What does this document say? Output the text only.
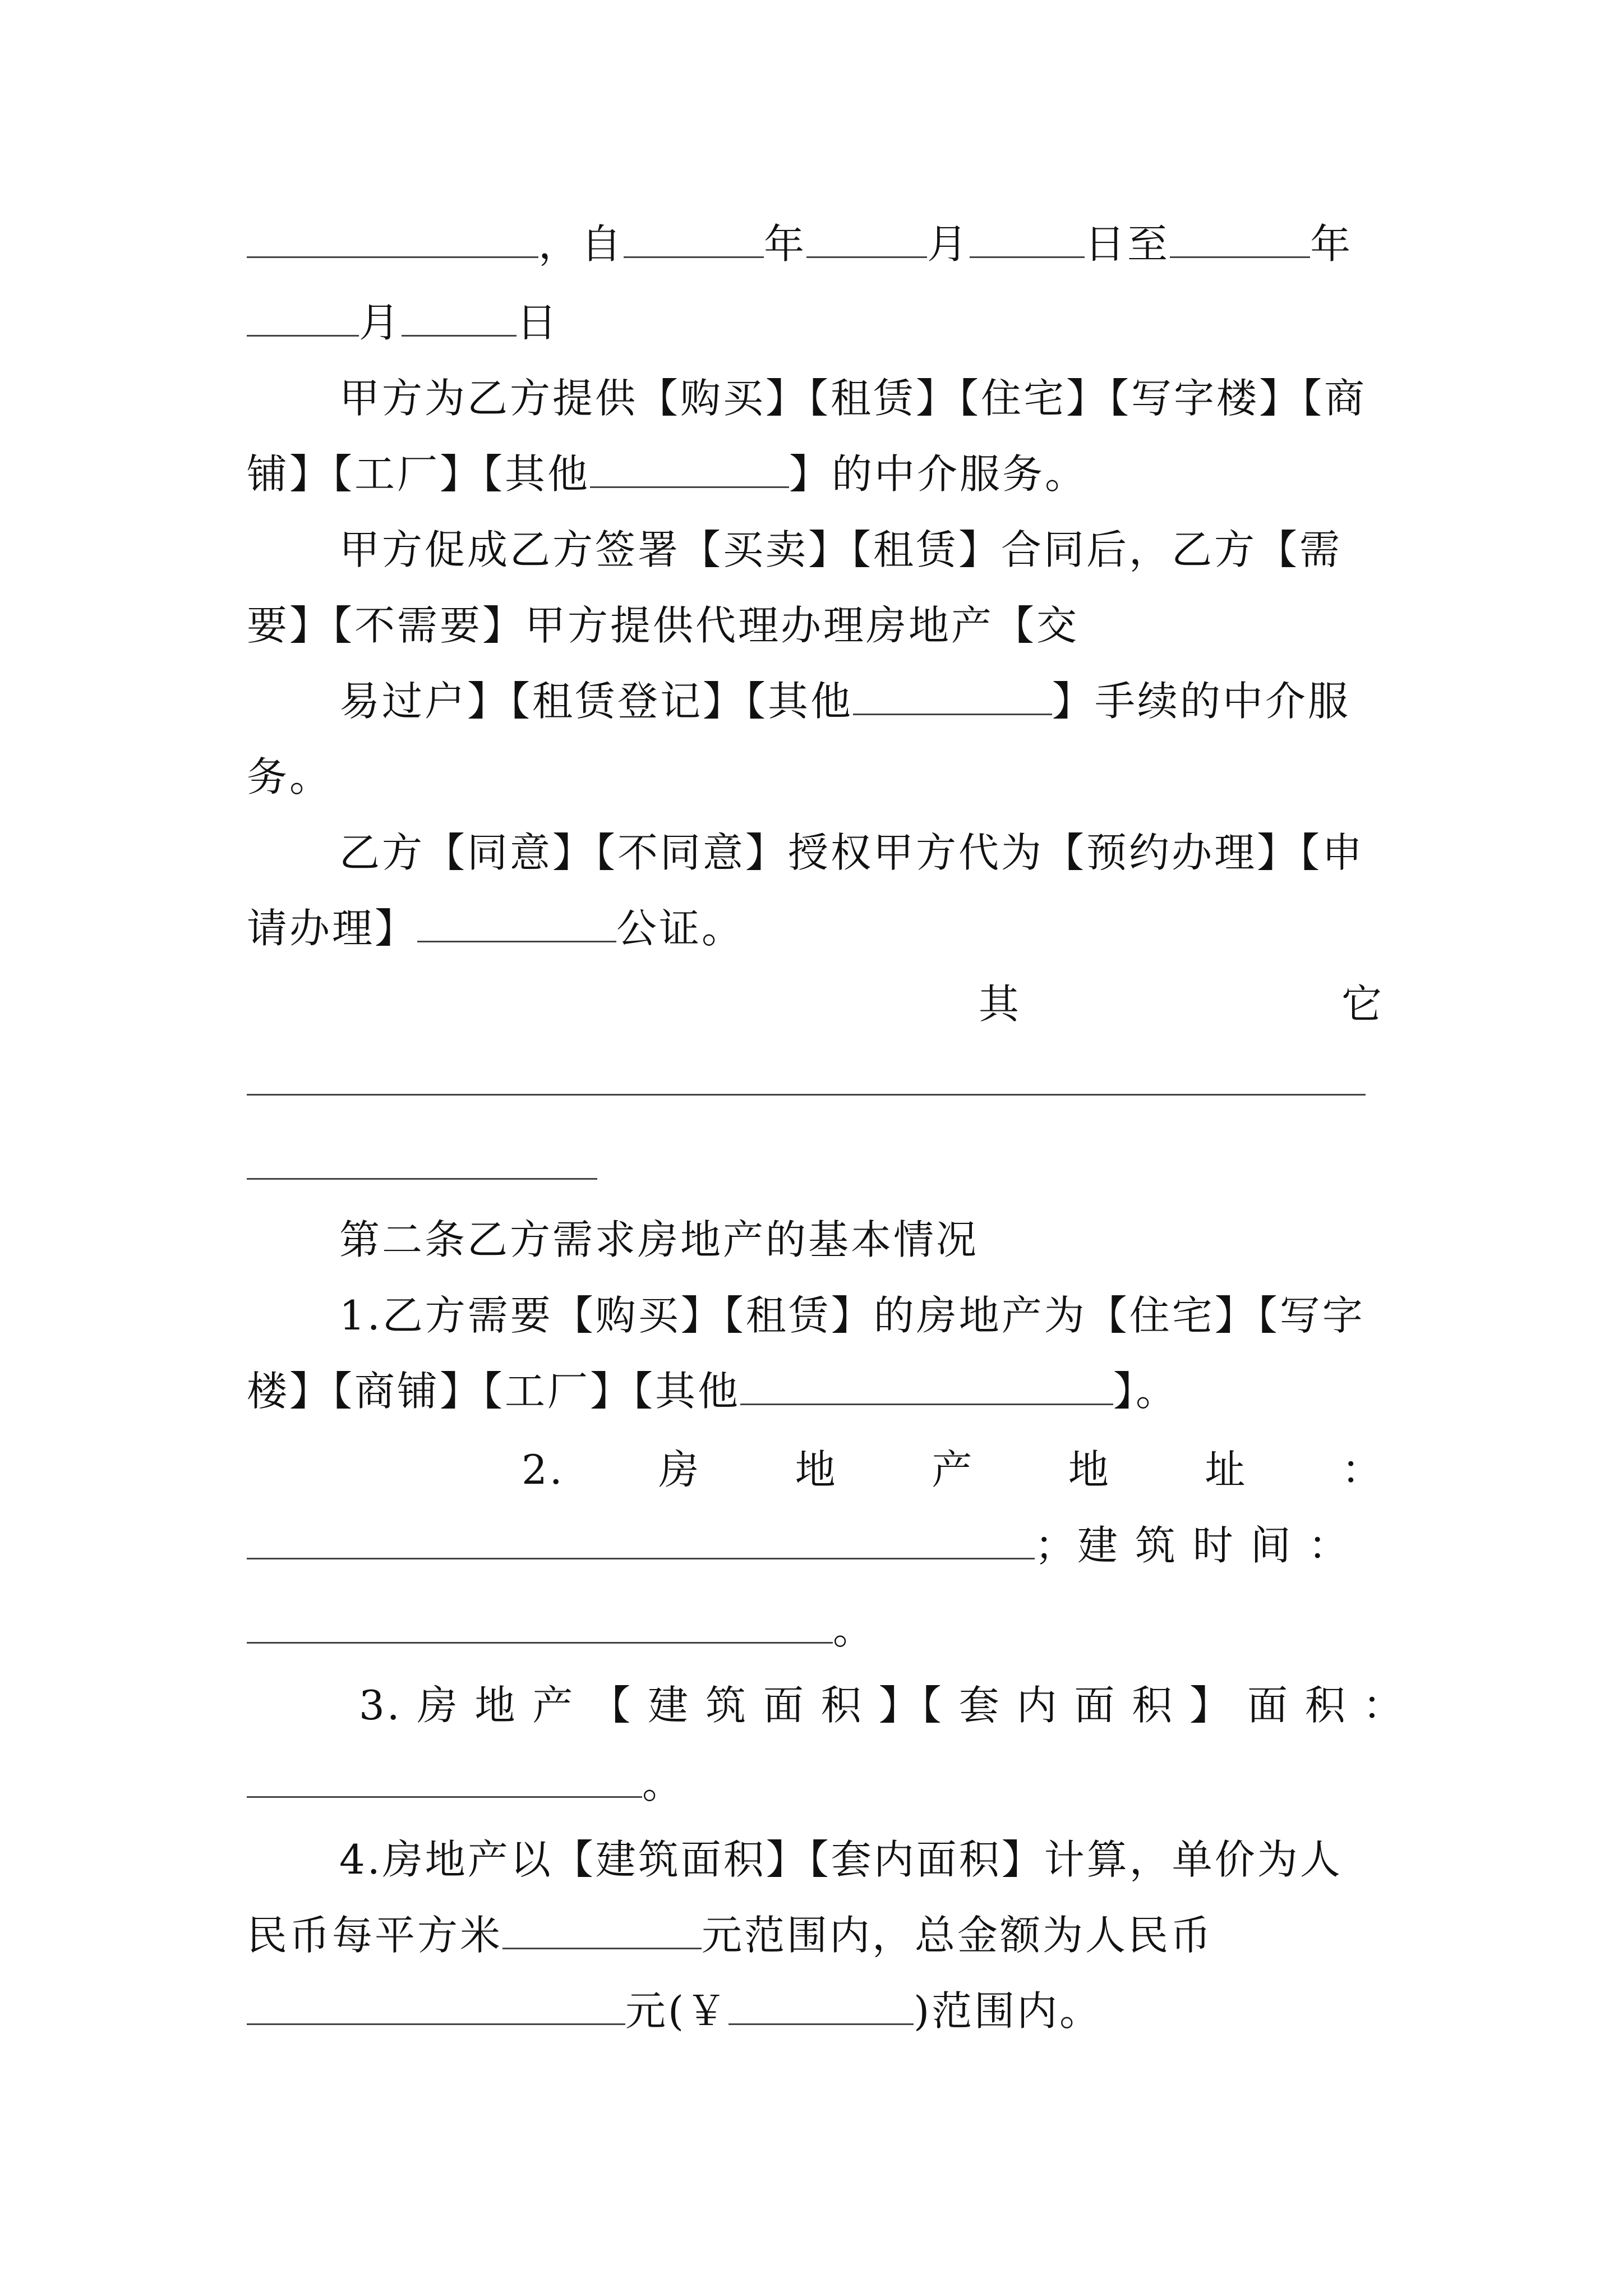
，自	年	月	日至	年
月	日
甲方为乙方提供【购买】【租赁】【住宅】【写字楼】【商
铺】【工厂】【其他	】的中介服务。
甲方促成乙方签署【买卖】【租赁】合同后，乙方【需
要】【不需要】甲方提供代理办理房地产【交
易过户】【租赁登记】【其他	】手续的中介服
务。
乙方【同意】【不同意】授权甲方代为【预约办理】【申
请办理】	公证。
其	它
第二条乙方需求房地产的基本情况
1.乙方需要【购买】【租赁】的房地产为【住宅】【写字
楼】【商铺】【工厂】【其他	】。
2. 房 地 产 地 址 ：
；建 筑 时 间 ：
。
3. 房 地 产 【 建 筑 面 积 】【 套 内 面 积 】 面 积 ：
。
4.房地产以【建筑面积】【套内面积】计算，单价为人
民币每平方米	元范围内，总金额为人民币
元(￥	)范围内。
